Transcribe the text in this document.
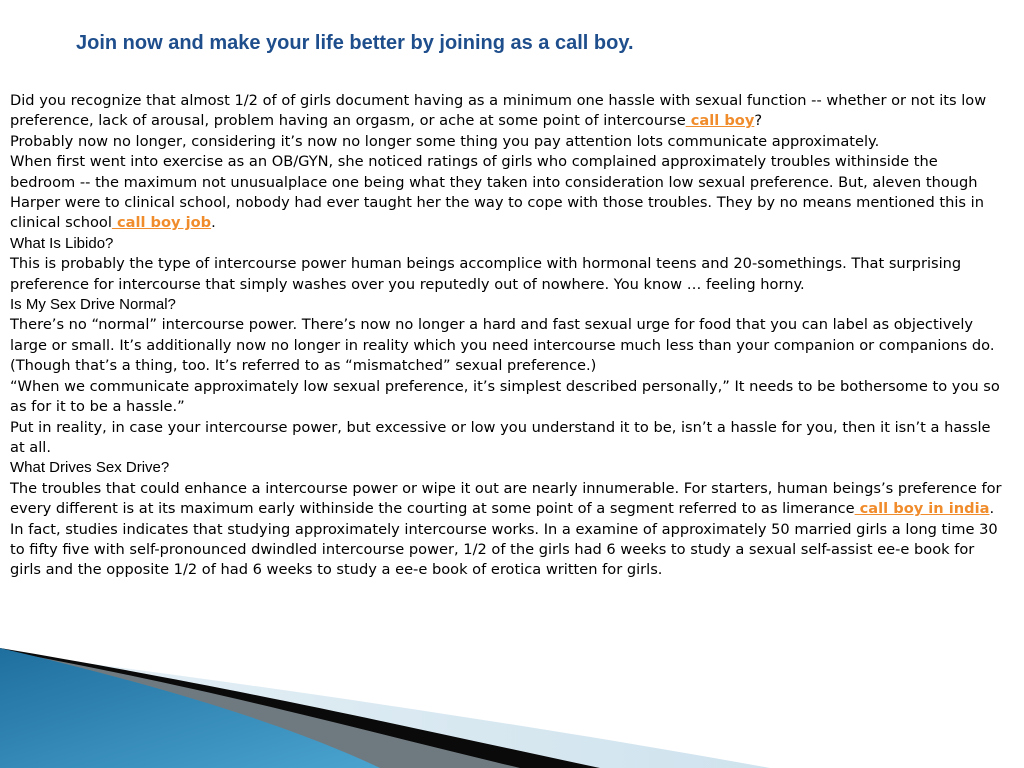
Join now and make your life better by joining as a call boy.

Did you recognize that almost 1/2 of of girls document having as a minimum one hassle with sexual function -- whether or not its low preference, lack of arousal, problem having an orgasm, or ache at some point of intercourse call boy?

Probably now no longer, considering it’s now no longer some thing you pay attention lots communicate approximately.

When first went into exercise as an OB/GYN, she noticed ratings of girls who complained approximately troubles withinside the bedroom -- the maximum not unusualplace one being what they taken into consideration low sexual preference. But, aleven though Harper were to clinical school, nobody had ever taught her the way to cope with those troubles. They by no means mentioned this in clinical school call boy job.

What Is Libido?

This is probably the type of intercourse power human beings accomplice with hormonal teens and 20-somethings. That surprising preference for intercourse that simply washes over you reputedly out of nowhere. You know … feeling horny.

Is My Sex Drive Normal?

There’s no “normal” intercourse power. There’s now no longer a hard and fast sexual urge for food that you can label as objectively large or small. It’s additionally now no longer in reality which you need intercourse much less than your companion or companions do. (Though that’s a thing, too. It’s referred to as “mismatched” sexual preference.)

“When we communicate approximately low sexual preference, it’s simplest described personally,” It needs to be bothersome to you so as for it to be a hassle.”

Put in reality, in case your intercourse power, but excessive or low you understand it to be, isn’t a hassle for you, then it isn’t a hassle at all.

What Drives Sex Drive?

The troubles that could enhance a intercourse power or wipe it out are nearly innumerable. For starters, human beings’s preference for every different is at its maximum early withinside the courting at some point of a segment referred to as limerance call boy in india.

In fact, studies indicates that studying approximately intercourse works. In a examine of approximately 50 married girls a long time 30 to fifty five with self-pronounced dwindled intercourse power, 1/2 of the girls had 6 weeks to study a sexual self-assist ee-e book for girls and the opposite 1/2 of had 6 weeks to study a ee-e book of erotica written for girls.
